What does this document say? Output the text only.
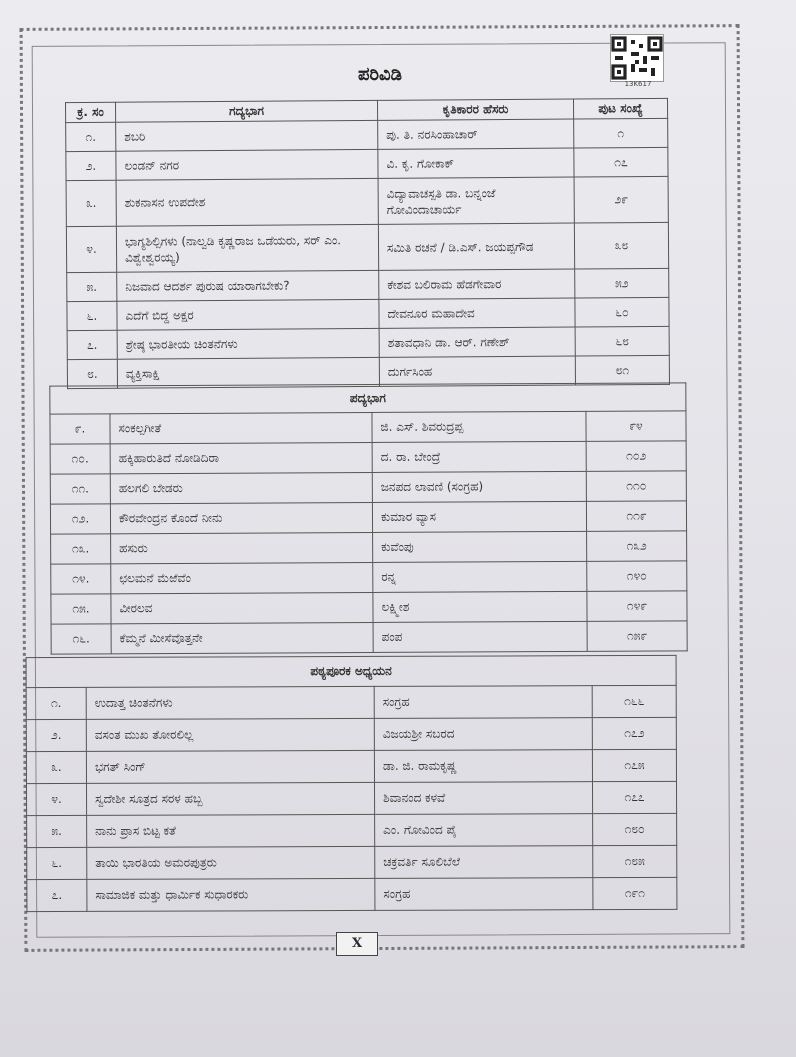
13K617
ಪರಿವಿಡಿ
ಕ್ರ. ಸಂ	ಗದ್ಯಭಾಗ	ಕೃತಿಕಾರರ ಹೆಸರು	ಪುಟ ಸಂಖ್ಯೆ
೧.	ಶಬರಿ	ಪು. ತಿ. ನರಸಿಂಹಾಚಾರ್	೧
೨.	ಲಂಡನ್ ನಗರ	ವಿ. ಕೃ. ಗೋಕಾಕ್	೧೭
೩.	ಶುಕನಾಸನ ಉಪದೇಶ	ವಿದ್ಯಾವಾಚಸ್ಪತಿ ಡಾ. ಬನ್ನಂಜೆ ಗೋವಿಂದಾಚಾರ್ಯ	೨೯
೪.	ಭಾಗ್ಯಶಿಲ್ಪಿಗಳು (ನಾಲ್ವಡಿ ಕೃಷ್ಣರಾಜ ಒಡೆಯರು, ಸರ್ ಎಂ. ವಿಶ್ವೇಶ್ವರಯ್ಯ)	ಸಮಿತಿ ರಚನೆ / ಡಿ.ಎಸ್. ಜಯಪ್ಪಗೌಡ	೩೮
೫.	ನಿಜವಾದ ಆದರ್ಶ ಪುರುಷ ಯಾರಾಗಬೇಕು?	ಕೇಶವ ಬಲಿರಾಮ ಹೆಡಗೇವಾರ	೫೨
೬.	ಎದೆಗೆ ಬಿದ್ದ ಅಕ್ಷರ	ದೇವನೂರ ಮಹಾದೇವ	೬೦
೭.	ಶ್ರೇಷ್ಠ ಭಾರತೀಯ ಚಿಂತನೆಗಳು	ಶತಾವಧಾನಿ ಡಾ. ಆರ್. ಗಣೇಶ್	೬೮
೮.	ವ್ಯಕ್ತಿಸಾಕ್ಷಿ	ದುರ್ಗಸಿಂಹ	೮೧
ಪದ್ಯಭಾಗ			
೯.	ಸಂಕಲ್ಪಗೀತೆ	ಜಿ. ಎಸ್. ಶಿವರುದ್ರಪ್ಪ	೯೪
೧೦.	ಹಕ್ಕಿಹಾರುತಿದೆ ನೋಡಿದಿರಾ	ದ. ರಾ. ಬೇಂದ್ರೆ	೧೦೨
೧೧.	ಹಲಗಲಿ ಬೇಡರು	ಜನಪದ ಲಾವಣಿ (ಸಂಗ್ರಹ)	೧೧೦
೧೨.	ಕೌರವೇಂದ್ರನ ಕೊಂದೆ ನೀನು	ಕುಮಾರ ವ್ಯಾಸ	೧೧೯
೧೩.	ಹಸುರು	ಕುವೆಂಪು	೧೩೨
೧೪.	ಛಲಮನೆ ಮೆಱೆವೆಂ	ರನ್ನ	೧೪೦
೧೫.	ವೀರಲವ	ಲಕ್ಷ್ಮೀಶ	೧೪೯
೧೬.	ಕೆಮ್ಮನೆ ಮೀಸೆವೊತ್ತನೇ	ಪಂಪ	೧೫೯
ಪಠ್ಯಪೂರಕ ಅಧ್ಯಯನ			
೧.	ಉದಾತ್ತ ಚಿಂತನೆಗಳು	ಸಂಗ್ರಹ	೧೬೬
೨.	ವಸಂತ ಮುಖ ತೋರಲಿಲ್ಲ	ವಿಜಯಶ್ರೀ ಸಬರದ	೧೭೨
೩.	ಭಗತ್ ಸಿಂಗ್	ಡಾ. ಜಿ. ರಾಮಕೃಷ್ಣ	೧೭೫
೪.	ಸ್ವದೇಶೀ ಸೂತ್ರದ ಸರಳ ಹಬ್ಬ	ಶಿವಾನಂದ ಕಳವೆ	೧೭೭
೫.	ನಾನು ಪ್ರಾಸ ಬಿಟ್ಟ ಕತೆ	ಎಂ. ಗೋವಿಂದ ಪೈ	೧೮೦
೬.	ತಾಯಿ ಭಾರತಿಯ ಅಮರಪುತ್ರರು	ಚಕ್ರವರ್ತಿ ಸೂಲಿಬೆಲೆ	೧೮೫
೭.	ಸಾಮಾಜಿಕ ಮತ್ತು ಧಾರ್ಮಿಕ ಸುಧಾರಕರು	ಸಂಗ್ರಹ	೧೯೧
X
